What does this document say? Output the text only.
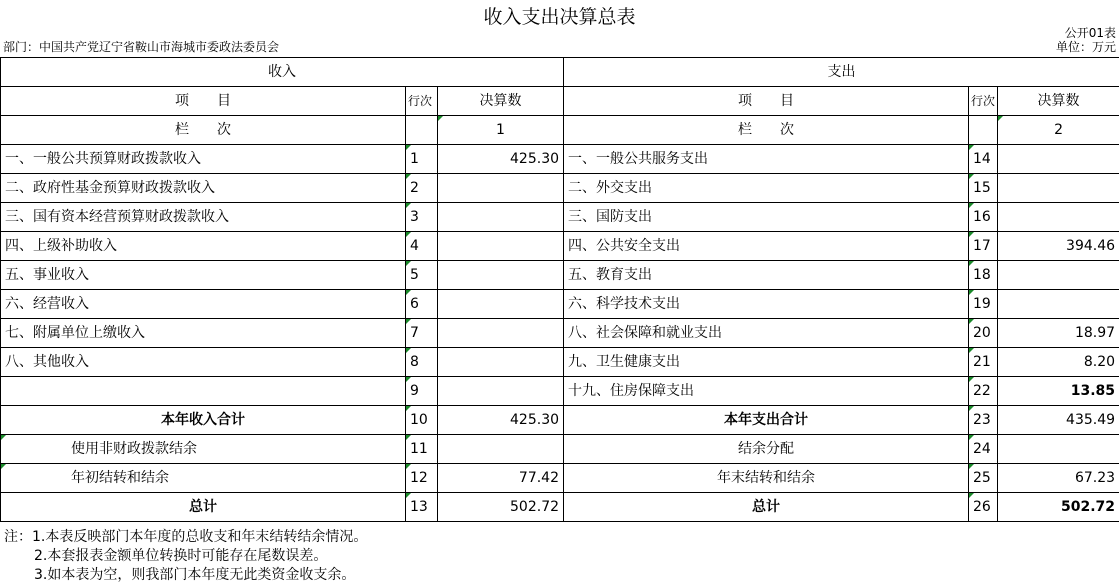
收入支出决算总表
公开01表
部门：中国共产党辽宁省鞍山市海城市委政法委员会	单位：万元
收入			支出		
项　　目	行次	决算数	项　　目	行次	决算数
栏　　次		1	栏　　次		2
一、一般公共预算财政拨款收入	1	425.30	一、一般公共服务支出	14	
二、政府性基金预算财政拨款收入	2		二、外交支出	15	
三、国有资本经营预算财政拨款收入	3		三、国防支出	16	
四、上级补助收入	4		四、公共安全支出	17	394.46
五、事业收入	5		五、教育支出	18	
六、经营收入	6		六、科学技术支出	19	
七、附属单位上缴收入	7		八、社会保障和就业支出	20	18.97
八、其他收入	8		九、卫生健康支出	21	8.20
	9		十九、住房保障支出	22	13.85
本年收入合计	10	425.30	本年支出合计	23	435.49
使用非财政拨款结余	11		结余分配	24	
年初结转和结余	12	77.42	年末结转和结余	25	67.23
总计	13	502.72	总计	26	502.72
注：1.本表反映部门本年度的总收支和年末结转结余情况。
2.本套报表金额单位转换时可能存在尾数误差。
3.如本表为空，则我部门本年度无此类资金收支余。
